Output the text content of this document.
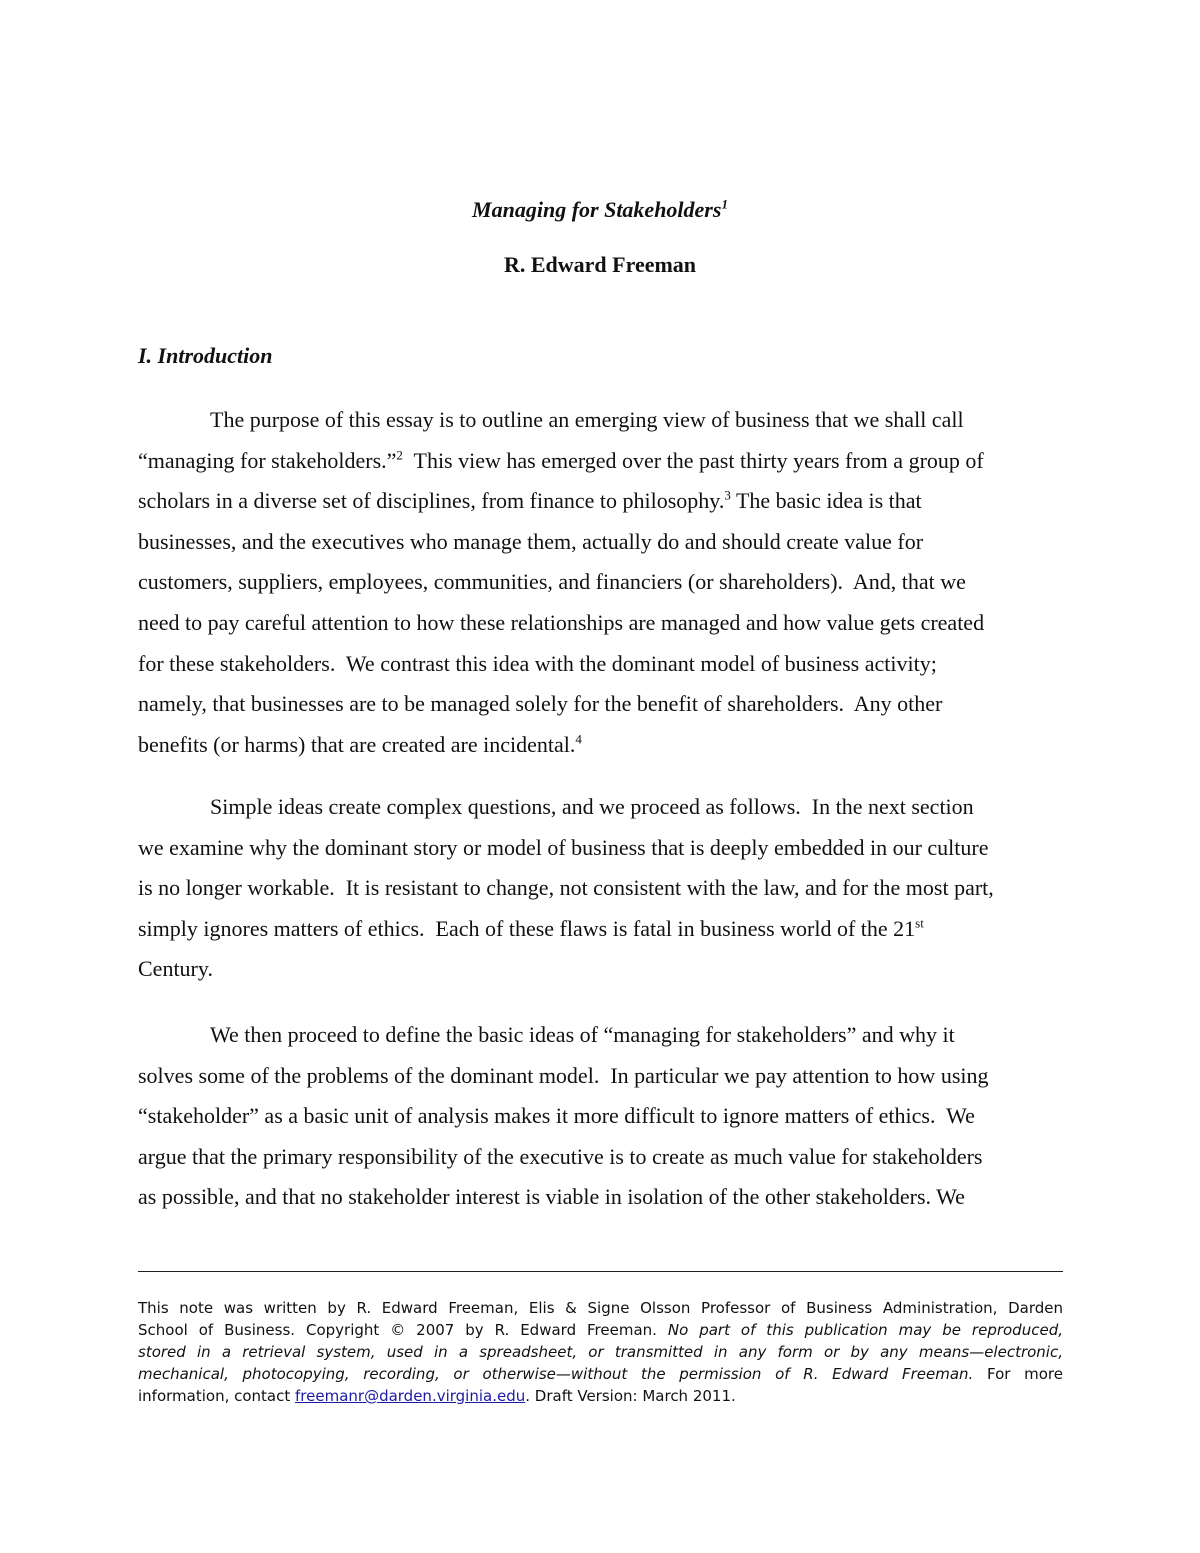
Managing for Stakeholders$^1$
R. Edward Freeman
I. Introduction
The purpose of this essay is to outline an emerging view of business that we shall call
“managing for stakeholders.”$^2$  This view has emerged over the past thirty years from a group of
scholars in a diverse set of disciplines, from finance to philosophy.$^3$ The basic idea is that
businesses, and the executives who manage them, actually do and should create value for
customers, suppliers, employees, communities, and financiers (or shareholders).  And, that we
need to pay careful attention to how these relationships are managed and how value gets created
for these stakeholders.  We contrast this idea with the dominant model of business activity;
namely, that businesses are to be managed solely for the benefit of shareholders.  Any other
benefits (or harms) that are created are incidental.$^4$
Simple ideas create complex questions, and we proceed as follows.  In the next section
we examine why the dominant story or model of business that is deeply embedded in our culture
is no longer workable.  It is resistant to change, not consistent with the law, and for the most part,
simply ignores matters of ethics.  Each of these flaws is fatal in business world of the 21st
Century.
We then proceed to define the basic ideas of “managing for stakeholders” and why it
solves some of the problems of the dominant model.  In particular we pay attention to how using
“stakeholder” as a basic unit of analysis makes it more difficult to ignore matters of ethics.  We
argue that the primary responsibility of the executive is to create as much value for stakeholders
as possible, and that no stakeholder interest is viable in isolation of the other stakeholders. We
This note was written by R. Edward Freeman, Elis & Signe Olsson Professor of Business Administration, Darden
School of Business. Copyright © 2007 by R. Edward Freeman. No part of this publication may be reproduced,
stored in a retrieval system, used in a spreadsheet, or transmitted in any form or by any means—electronic,
mechanical, photocopying, recording, or otherwise—without the permission of R. Edward Freeman. For more
information, contact freemanr@darden.virginia.edu. Draft Version: March 2011.
